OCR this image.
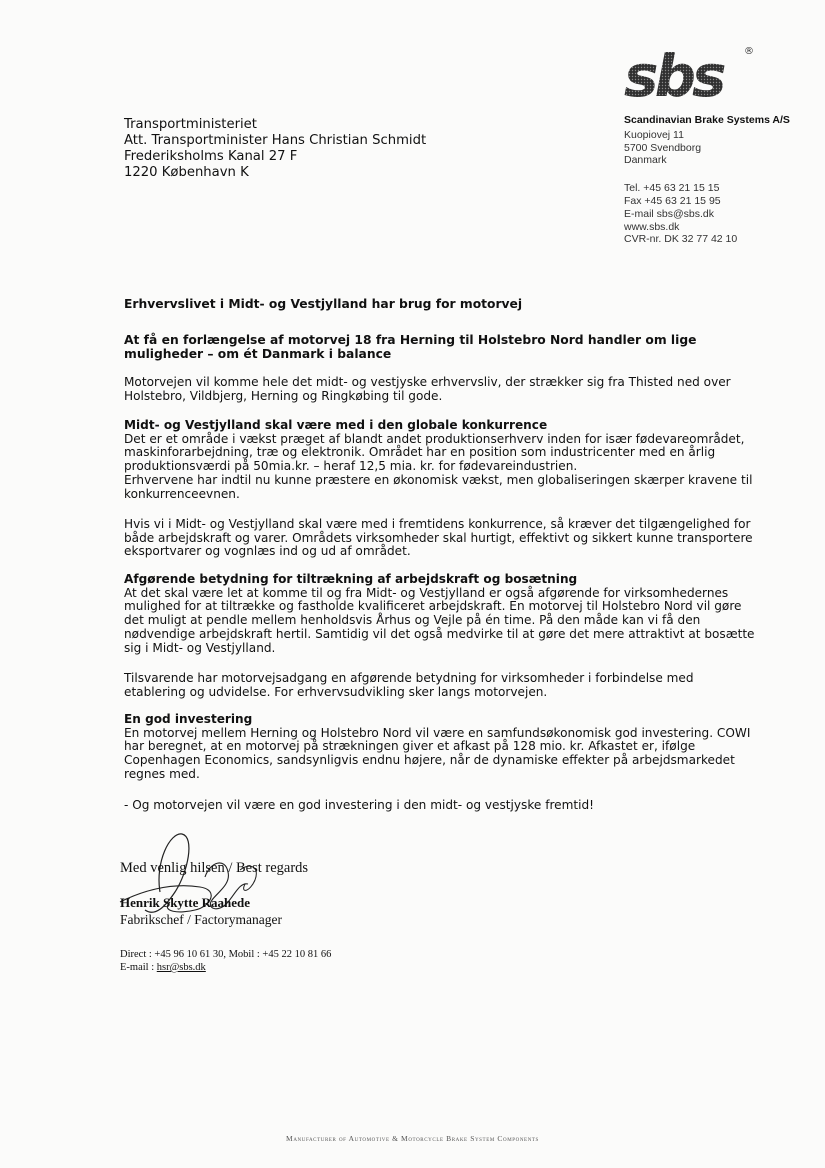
sbs ®
Transportministeriet
Att. Transportminister Hans Christian Schmidt
Frederiksholms Kanal 27 F
1220 København K
Scandinavian Brake Systems A/S
Kuopiovej 11
5700 Svendborg
Danmark
Tel. +45 63 21 15 15
Fax +45 63 21 15 95
E-mail sbs@sbs.dk
www.sbs.dk
CVR-nr. DK 32 77 42 10
Erhvervslivet i Midt- og Vestjylland har brug for motorvej
At få en forlængelse af motorvej 18 fra Herning til Holstebro Nord handler om lige muligheder – om ét Danmark i balance
Motorvejen vil komme hele det midt- og vestjyske erhvervsliv, der strækker sig fra Thisted ned over Holstebro, Vildbjerg, Herning og Ringkøbing til gode.
Midt- og Vestjylland skal være med i den globale konkurrence
Det er et område i vækst præget af blandt andet produktionserhverv inden for især fødevareområdet, maskinforarbejdning, træ og elektronik. Området har en position som industricenter med en årlig produktionsværdi på 50mia.kr. – heraf 12,5 mia. kr. for fødevareindustrien.
Erhvervene har indtil nu kunne præstere en økonomisk vækst, men globaliseringen skærper kravene til konkurrenceevnen.
Hvis vi i Midt- og Vestjylland skal være med i fremtidens konkurrence, så kræver det tilgængelighed for både arbejdskraft og varer. Områdets virksomheder skal hurtigt, effektivt og sikkert kunne transportere eksportvarer og vognlæs ind og ud af området.
Afgørende betydning for tiltrækning af arbejdskraft og bosætning
At det skal være let at komme til og fra Midt- og Vestjylland er også afgørende for virksomhedernes mulighed for at tiltrække og fastholde kvalificeret arbejdskraft. En motorvej til Holstebro Nord vil gøre det muligt at pendle mellem henholdsvis Århus og Vejle på én time. På den måde kan vi få den nødvendige arbejdskraft hertil. Samtidig vil det også medvirke til at gøre det mere attraktivt at bosætte sig i Midt- og Vestjylland.
Tilsvarende har motorvejsadgang en afgørende betydning for virksomheder i forbindelse med etablering og udvidelse. For erhvervsudvikling sker langs motorvejen.
En god investering
En motorvej mellem Herning og Holstebro Nord vil være en samfundsøkonomisk god investering. COWI har beregnet, at en motorvej på strækningen giver et afkast på 128 mio. kr. Afkastet er, ifølge Copenhagen Economics, sandsynligvis endnu højere, når de dynamiske effekter på arbejdsmarkedet regnes med.
- Og motorvejen vil være en god investering i den midt- og vestjyske fremtid!
Med venlig hilsen / Best regards
Henrik Skytte Raahede
Fabrikschef / Factorymanager
Direct : +45 96 10 61 30, Mobil : +45 22 10 81 66
E-mail : hsr@sbs.dk
Manufacturer of Automotive & Motorcycle Brake System Components
